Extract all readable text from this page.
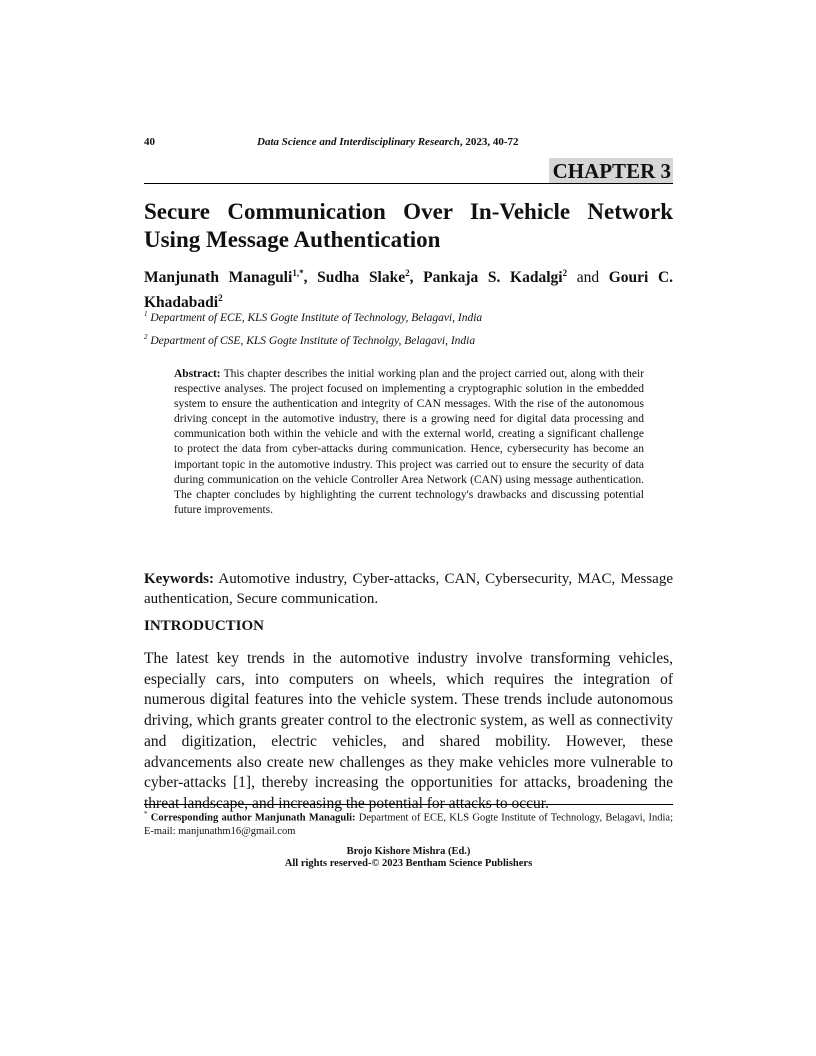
40	Data Science and Interdisciplinary Research, 2023, 40-72
CHAPTER 3
Secure Communication Over In-Vehicle Network Using Message Authentication
Manjunath Managuli$^{1,*}$, Sudha Slake$^2$, Pankaja S. Kadalgi$^2$ and Gouri C. Khadabadi$^2$
$^1$ Department of ECE, KLS Gogte Institute of Technology, Belagavi, India
$^2$ Department of CSE, KLS Gogte Institute of Technolgy, Belagavi, India
Abstract: This chapter describes the initial working plan and the project carried out, along with their respective analyses. The project focused on implementing a cryptographic solution in the embedded system to ensure the authentication and integrity of CAN messages. With the rise of the autonomous driving concept in the automotive industry, there is a growing need for digital data processing and communication both within the vehicle and with the external world, creating a significant challenge to protect the data from cyber-attacks during communication. Hence, cybersecurity has become an important topic in the automotive industry. This project was carried out to ensure the security of data during communication on the vehicle Controller Area Network (CAN) using message authentication. The chapter concludes by highlighting the current technology's drawbacks and discussing potential future improvements.
Keywords: Automotive industry, Cyber-attacks, CAN, Cybersecurity, MAC, Message authentication, Secure communication.
INTRODUCTION
The latest key trends in the automotive industry involve transforming vehicles, especially cars, into computers on wheels, which requires the integration of numerous digital features into the vehicle system. These trends include autonomous driving, which grants greater control to the electronic system, as well as connectivity and digitization, electric vehicles, and shared mobility. However, these advancements also create new challenges as they make vehicles more vulnerable to cyber-attacks [1], thereby increasing the opportunities for attacks, broadening the threat landscape, and increasing the potential for attacks to occur.
* Corresponding author Manjunath Managuli: Department of ECE, KLS Gogte Institute of Technology, Belagavi, India; E-mail: manjunathm16@gmail.com
Brojo Kishore Mishra (Ed.)
All rights reserved-© 2023 Bentham Science Publishers
